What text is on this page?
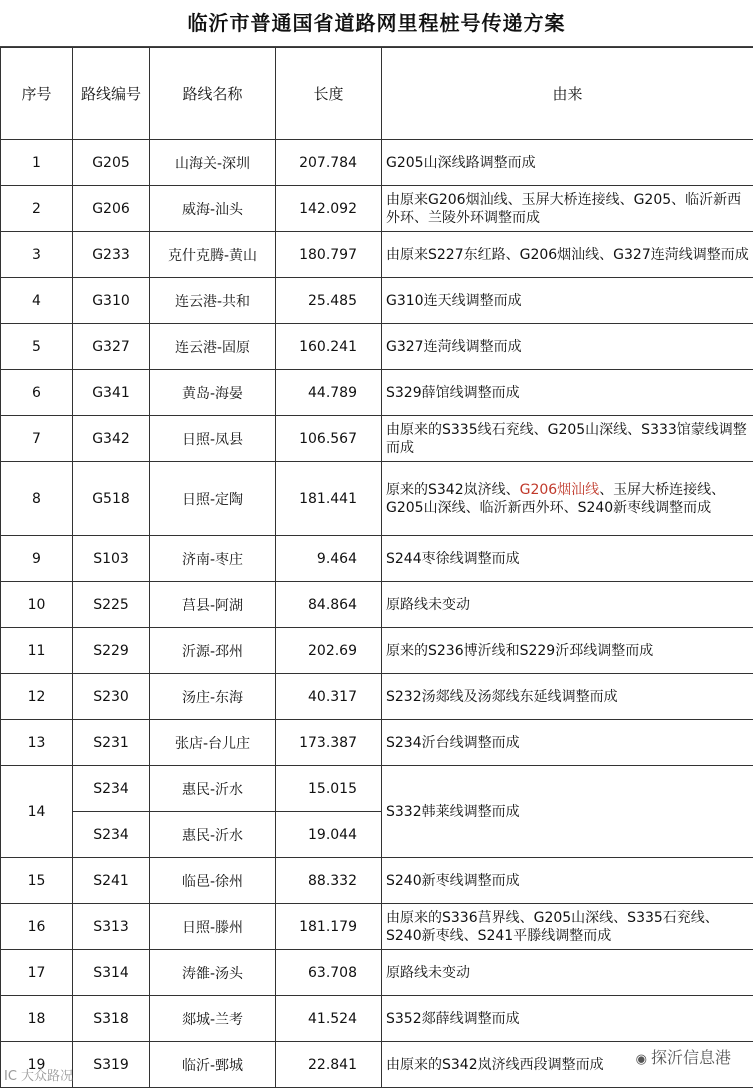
临沂市普通国省道路网里程桩号传递方案
序号	路线编号	路线名称	长度	由来
1	G205	山海关-深圳	207.784	G205山深线路调整而成
2	G206	威海-汕头	142.092	由原来G206烟汕线、玉屏大桥连接线、G205、临沂新西外环、兰陵外环调整而成
3	G233	克什克腾-黄山	180.797	由原来S227东红路、G206烟汕线、G327连菏线调整而成
4	G310	连云港-共和	25.485	G310连天线调整而成
5	G327	连云港-固原	160.241	G327连菏线调整而成
6	G341	黄岛-海晏	44.789	S329薛馆线调整而成
7	G342	日照-凤县	106.567	由原来的S335线石兖线、G205山深线、S333馆蒙线调整而成
8	G518	日照-定陶	181.441	原来的S342岚济线、G206烟汕线、玉屏大桥连接线、G205山深线、临沂新西外环、S240新枣线调整而成
9	S103	济南-枣庄	9.464	S244枣徐线调整而成
10	S225	莒县-阿湖	84.864	原路线未变动
11	S229	沂源-邳州	202.69	原来的S236博沂线和S229沂邳线调整而成
12	S230	汤庄-东海	40.317	S232汤郯线及汤郯线东延线调整而成
13	S231	张店-台儿庄	173.387	S234沂台线调整而成
14	S234	惠民-沂水	15.015	S332韩莱线调整而成
	S234	惠民-沂水	19.044	
15	S241	临邑-徐州	88.332	S240新枣线调整而成
16	S313	日照-滕州	181.179	由原来的S336莒界线、G205山深线、S335石兖线、S240新枣线、S241平滕线调整而成
17	S314	涛雒-汤头	63.708	原路线未变动
18	S318	郯城-兰考	41.524	S352郯薛线调整而成
19	S319	临沂-鄄城	22.841	由原来的S342岚济线西段调整而成
IC 大众路况
◉ 探沂信息港
